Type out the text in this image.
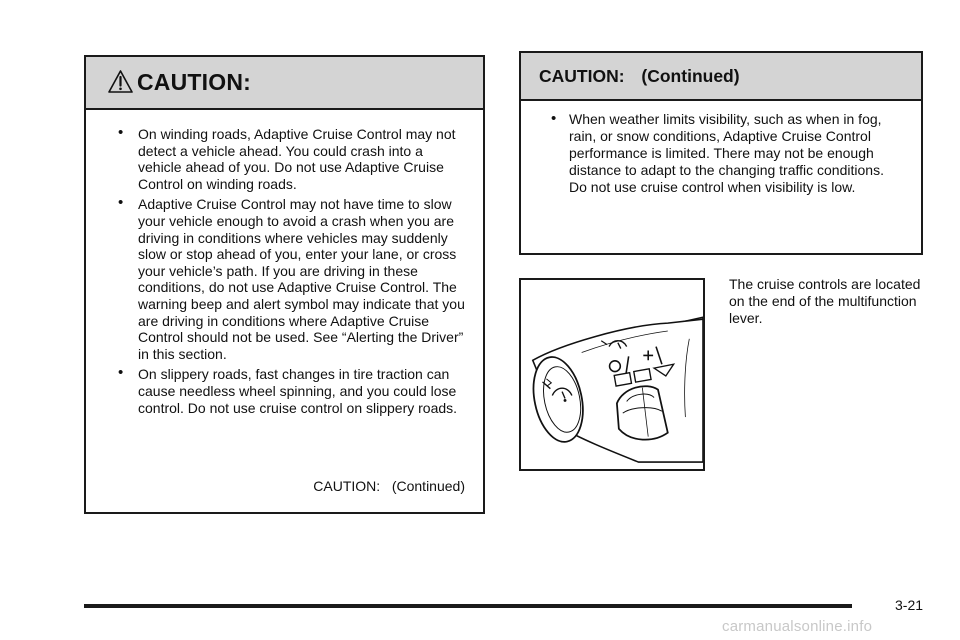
CAUTION:
• On winding roads, Adaptive Cruise Control may not detect a vehicle ahead. You could crash into a vehicle ahead of you. Do not use Adaptive Cruise Control on winding roads.
• Adaptive Cruise Control may not have time to slow your vehicle enough to avoid a crash when you are driving in conditions where vehicles may suddenly slow or stop ahead of you, enter your lane, or cross your vehicle’s path. If you are driving in these conditions, do not use Adaptive Cruise Control. The warning beep and alert symbol may indicate that you are driving in conditions where Adaptive Cruise Control should not be used. See “Alerting the Driver” in this section.
• On slippery roads, fast changes in tire traction can cause needless wheel spinning, and you could lose control. Do not use cruise control on slippery roads.
CAUTION:   (Continued)
CAUTION: (Continued)
• When weather limits visibility, such as when in fog, rain, or snow conditions, Adaptive Cruise Control performance is limited. There may not be enough distance to adapt to the changing traffic conditions. Do not use cruise control when visibility is low.
The cruise controls are located on the end of the multifunction lever.
3-21
carmanualsonline.info
